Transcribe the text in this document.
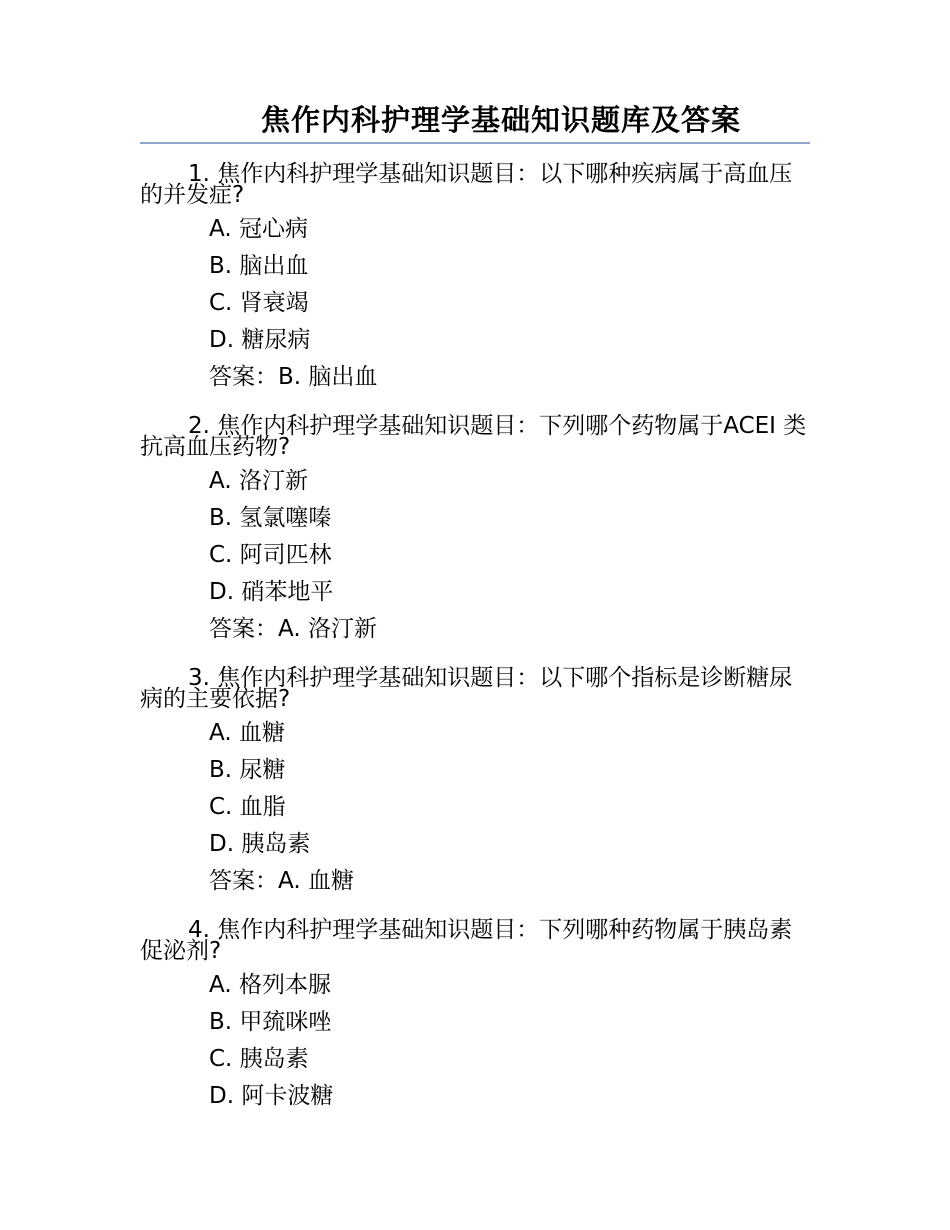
焦作内科护理学基础知识题库及答案

1. 焦作内科护理学基础知识题目：以下哪种疾病属于高血压的并发症?

A. 冠心病
B. 脑出血
C. 肾衰竭
D. 糖尿病
答案：B. 脑出血

2. 焦作内科护理学基础知识题目：下列哪个药物属于ACEI 类抗高血压药物?

A. 洛汀新
B. 氢氯噻嗪
C. 阿司匹林
D. 硝苯地平
答案：A. 洛汀新

3. 焦作内科护理学基础知识题目：以下哪个指标是诊断糖尿病的主要依据?

A. 血糖
B. 尿糖
C. 血脂
D. 胰岛素
答案：A. 血糖

4. 焦作内科护理学基础知识题目：下列哪种药物属于胰岛素促泌剂?

A. 格列本脲
B. 甲巯咪唑
C. 胰岛素
D. 阿卡波糖
